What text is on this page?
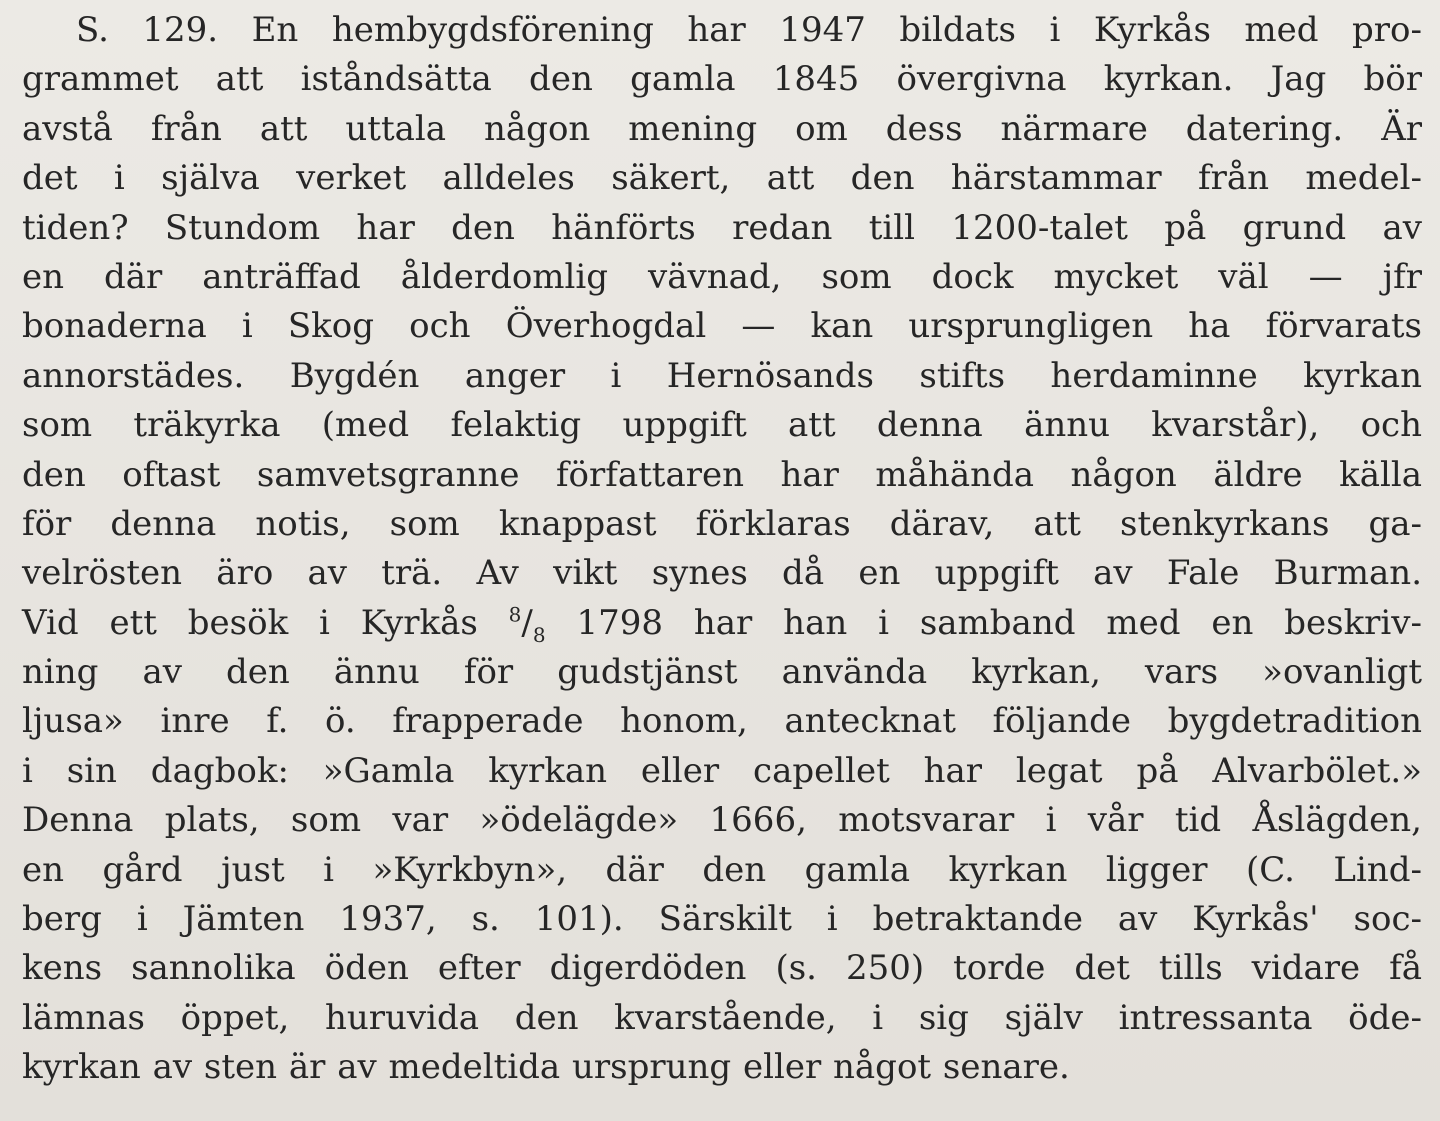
S. 129. En hembygdsförening har 1947 bildats i Kyrkås med pro-
grammet att iståndsätta den gamla 1845 övergivna kyrkan. Jag bör
avstå från att uttala någon mening om dess närmare datering. Är
det i själva verket alldeles säkert, att den härstammar från medel-
tiden? Stundom har den hänförts redan till 1200-talet på grund av
en där anträffad ålderdomlig vävnad, som dock mycket väl — jfr
bonaderna i Skog och Överhogdal — kan ursprungligen ha förvarats
annorstädes. Bygdén anger i Hernösands stifts herdaminne kyrkan
som träkyrka (med felaktig uppgift att denna ännu kvarstår), och
den oftast samvetsgranne författaren har måhända någon äldre källa
för denna notis, som knappast förklaras därav, att stenkyrkans ga-
velrösten äro av trä. Av vikt synes då en uppgift av Fale Burman.
Vid ett besök i Kyrkås $^8/_8$ 1798 har han i samband med en beskriv-
ning av den ännu för gudstjänst använda kyrkan, vars »ovanligt
ljusa» inre f. ö. frapperade honom, antecknat följande bygdetradition
i sin dagbok: »Gamla kyrkan eller capellet har legat på Alvarbölet.»
Denna plats, som var »ödelägde» 1666, motsvarar i vår tid Åslägden,
en gård just i »Kyrkbyn», där den gamla kyrkan ligger (C. Lind-
berg i Jämten 1937, s. 101). Särskilt i betraktande av Kyrkås' soc-
kens sannolika öden efter digerdöden (s. 250) torde det tills vidare få
lämnas öppet, huruvida den kvarstående, i sig själv intressanta öde-
kyrkan av sten är av medeltida ursprung eller något senare.
